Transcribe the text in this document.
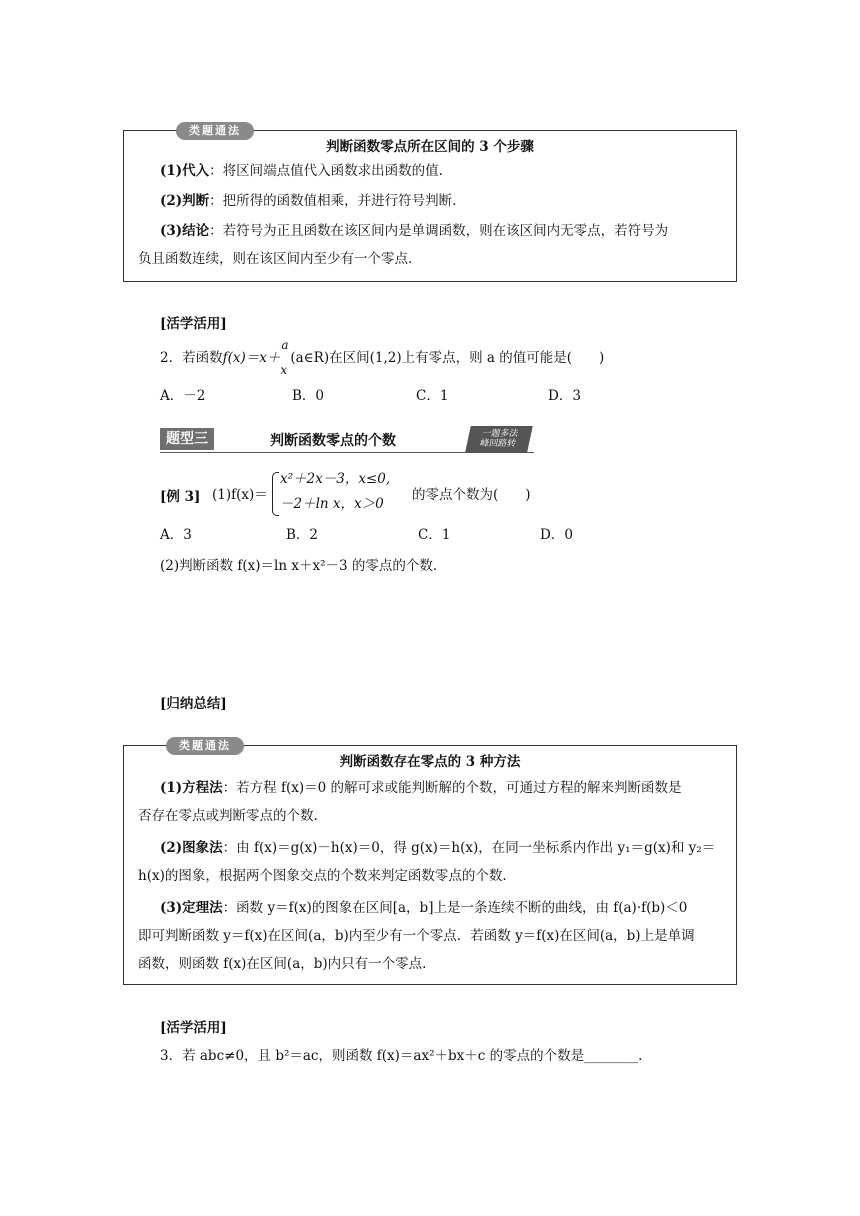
判断函数零点所在区间的 3 个步骤
(1)代入：将区间端点值代入函数求出函数的值.
(2)判断：把所得的函数值相乘，并进行符号判断.
(3)结论：若符号为正且函数在该区间内是单调函数，则在该区间内无零点，若符号为
负且函数连续，则在该区间内至少有一个零点.
类题通法
[活学活用]
2．若函数f(x)＝x＋
a
x
(a∈R)在区间(1,2)上有零点，则 a 的值可能是(　　)
A．－2	B．0	C．1	D．3
题型三	判断函数零点的个数	一题多法
峰回路转
[例 3] (1)f(x)＝
x²＋2x－3，x≤0,
－2＋ln x，x＞0
的零点个数为(　　)
A．3	B．2	C．1	D．0
(2)判断函数 f(x)＝ln x＋x²－3 的零点的个数.
[归纳总结]
判断函数存在零点的 3 种方法
(1)方程法：若方程 f(x)＝0 的解可求或能判断解的个数，可通过方程的解来判断函数是
否存在零点或判断零点的个数.
(2)图象法：由 f(x)＝g(x)－h(x)＝0，得 g(x)＝h(x)，在同一坐标系内作出 y₁＝g(x)和 y₂＝
h(x)的图象，根据两个图象交点的个数来判定函数零点的个数.
(3)定理法：函数 y＝f(x)的图象在区间[a，b]上是一条连续不断的曲线，由 f(a)·f(b)＜0
即可判断函数 y＝f(x)在区间(a，b)内至少有一个零点．若函数 y＝f(x)在区间(a，b)上是单调
函数，则函数 f(x)在区间(a，b)内只有一个零点.
类题通法
[活学活用]
3．若 abc≠0，且 b²＝ac，则函数 f(x)＝ax²＋bx＋c 的零点的个数是________.
